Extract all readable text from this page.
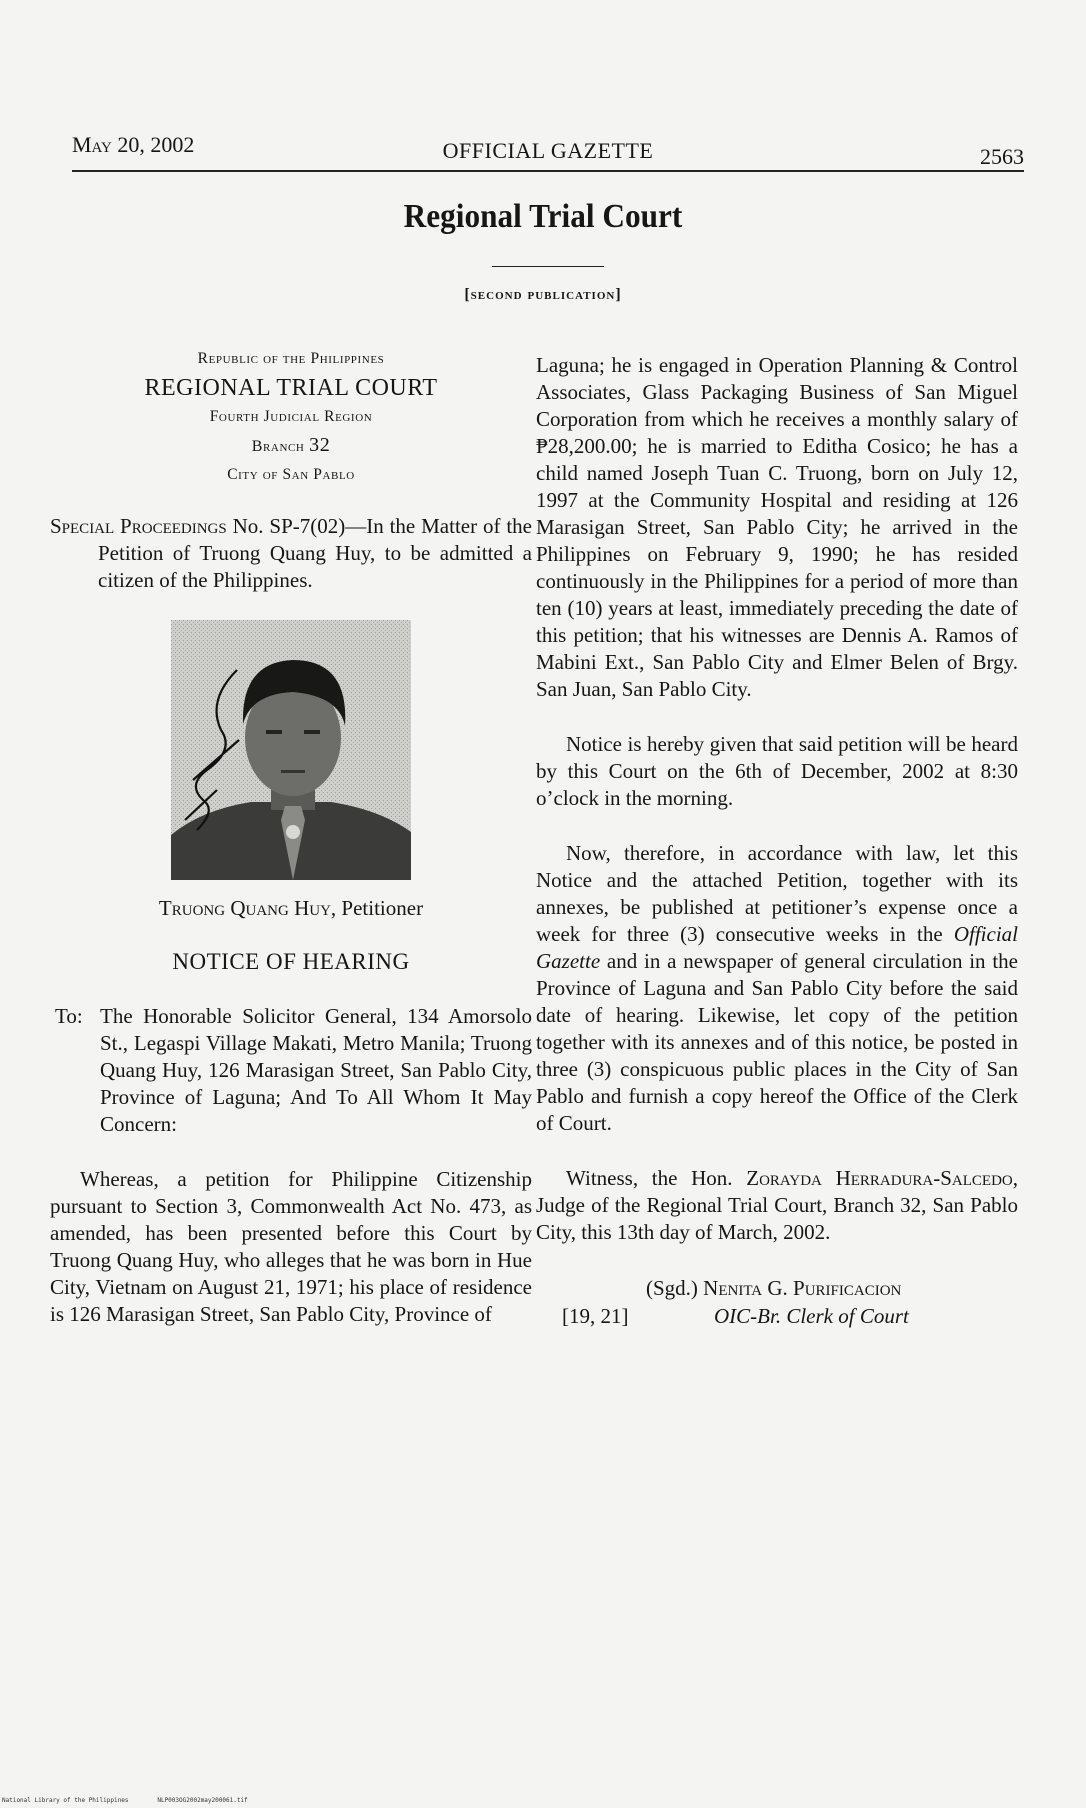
May 20, 2002	OFFICIAL GAZETTE	2563
Regional Trial Court
[second publication]
Republic of the Philippines
REGIONAL TRIAL COURT
Fourth Judicial Region
Branch 32
City of San Pablo

Special Proceedings No. SP-7(02)—In the Matter of the Petition of Truong Quang Huy, to be admitted a citizen of the Philippines.

Truong Quang Huy, Petitioner
NOTICE OF HEARING
To: The Honorable Solicitor General, 134 Amorsolo St., Legaspi Village Makati, Metro Manila; Truong Quang Huy, 126 Marasigan Street, San Pablo City, Province of Laguna; And To All Whom It May Concern:

Whereas, a petition for Philippine Citizenship pursuant to Section 3, Commonwealth Act No. 473, as amended, has been presented before this Court by Truong Quang Huy, who alleges that he was born in Hue City, Vietnam on August 21, 1971; his place of residence is 126 Marasigan Street, San Pablo City, Province of

Laguna; he is engaged in Operation Planning & Control Associates, Glass Packaging Business of San Miguel Corporation from which he receives a monthly salary of ₱28,200.00; he is married to Editha Cosico; he has a child named Joseph Tuan C. Truong, born on July 12, 1997 at the Community Hospital and residing at 126 Marasigan Street, San Pablo City; he arrived in the Philippines on February 9, 1990; he has resided continuously in the Philippines for a period of more than ten (10) years at least, immediately preceding the date of this petition; that his witnesses are Dennis A. Ramos of Mabini Ext., San Pablo City and Elmer Belen of Brgy. San Juan, San Pablo City.

Notice is hereby given that said petition will be heard by this Court on the 6th of December, 2002 at 8:30 o’clock in the morning.

Now, therefore, in accordance with law, let this Notice and the attached Petition, together with its annexes, be published at petitioner’s expense once a week for three (3) consecutive weeks in the Official Gazette and in a newspaper of general circulation in the Province of Laguna and San Pablo City before the said date of hearing. Likewise, let copy of the petition together with its annexes and of this notice, be posted in three (3) conspicuous public places in the City of San Pablo and furnish a copy hereof the Office of the Clerk of Court.

Witness, the Hon. Zorayda Herradura-Salcedo, Judge of the Regional Trial Court, Branch 32, San Pablo City, this 13th day of March, 2002.

(Sgd.) Nenita G. Purificacion
[19, 21]	OIC-Br. Clerk of Court
National Library of the Philippines	NLP003OG2002may200061.tif
